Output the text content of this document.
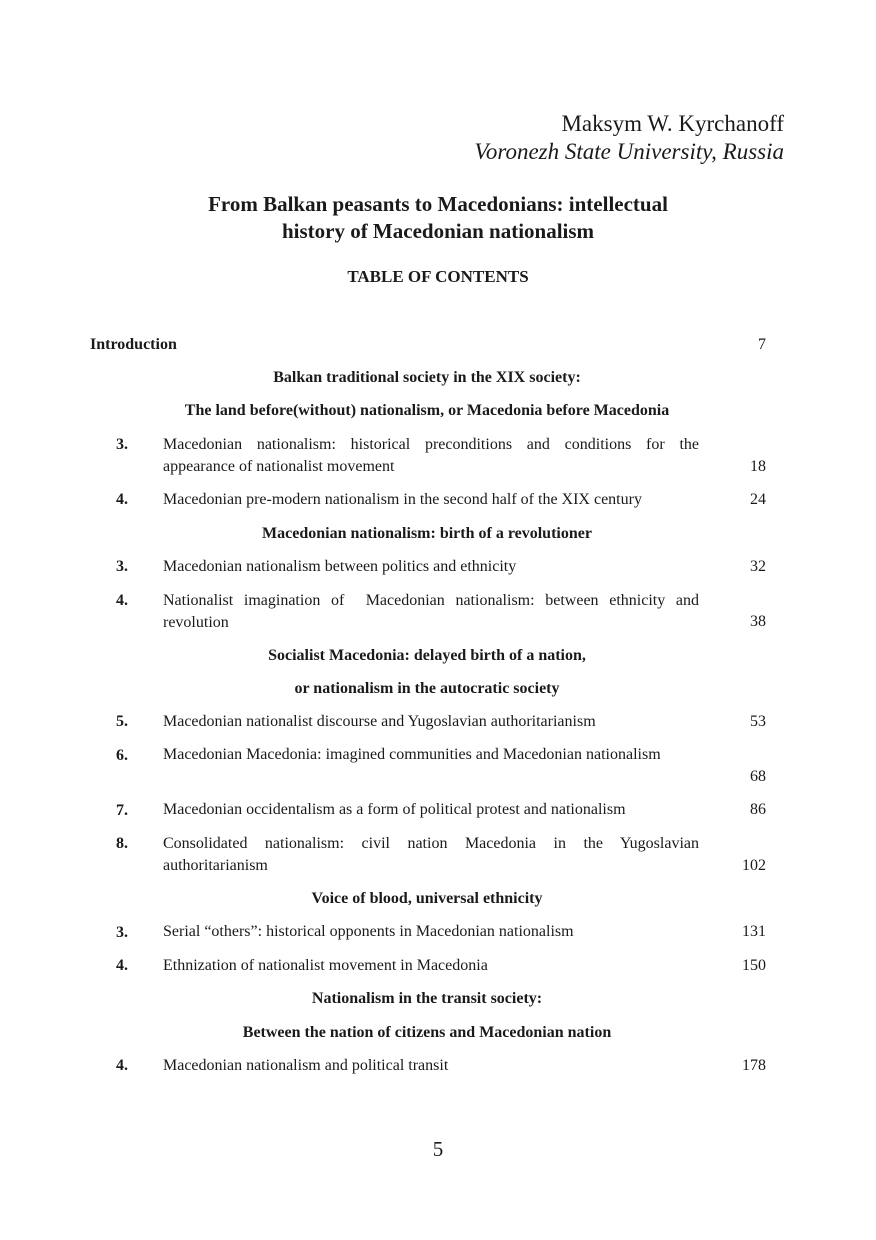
Maksym W. Kyrchanoff
Voronezh State University, Russia
From Balkan peasants to Macedonians: intellectual
history of Macedonian nationalism
TABLE OF CONTENTS
Introduction	7
Balkan traditional society in the XIX society:
The land before(without) nationalism, or Macedonia before Macedonia
3. Macedonian nationalism: historical preconditions and conditions for the appearance of nationalist movement	18
4. Macedonian pre-modern nationalism in the second half of the XIX century	24
Macedonian nationalism: birth of a revolutioner
3. Macedonian nationalism between politics and ethnicity	32
4. Nationalist imagination of  Macedonian nationalism: between ethnicity and revolution	38
Socialist Macedonia: delayed birth of a nation,
or nationalism in the autocratic society
5. Macedonian nationalist discourse and Yugoslavian authoritarianism	53
6. Macedonian Macedonia: imagined communities and Macedonian nationalism
68
7. Macedonian occidentalism as a form of political protest and nationalism	86
8. Consolidated nationalism: civil nation Macedonia in the Yugoslavian authoritarianism	102
Voice of blood, universal ethnicity
3. Serial “others”: historical opponents in Macedonian nationalism	131
4. Ethnization of nationalist movement in Macedonia	150
Nationalism in the transit society:
Between the nation of citizens and Macedonian nation
4. Macedonian nationalism and political transit	178
5
